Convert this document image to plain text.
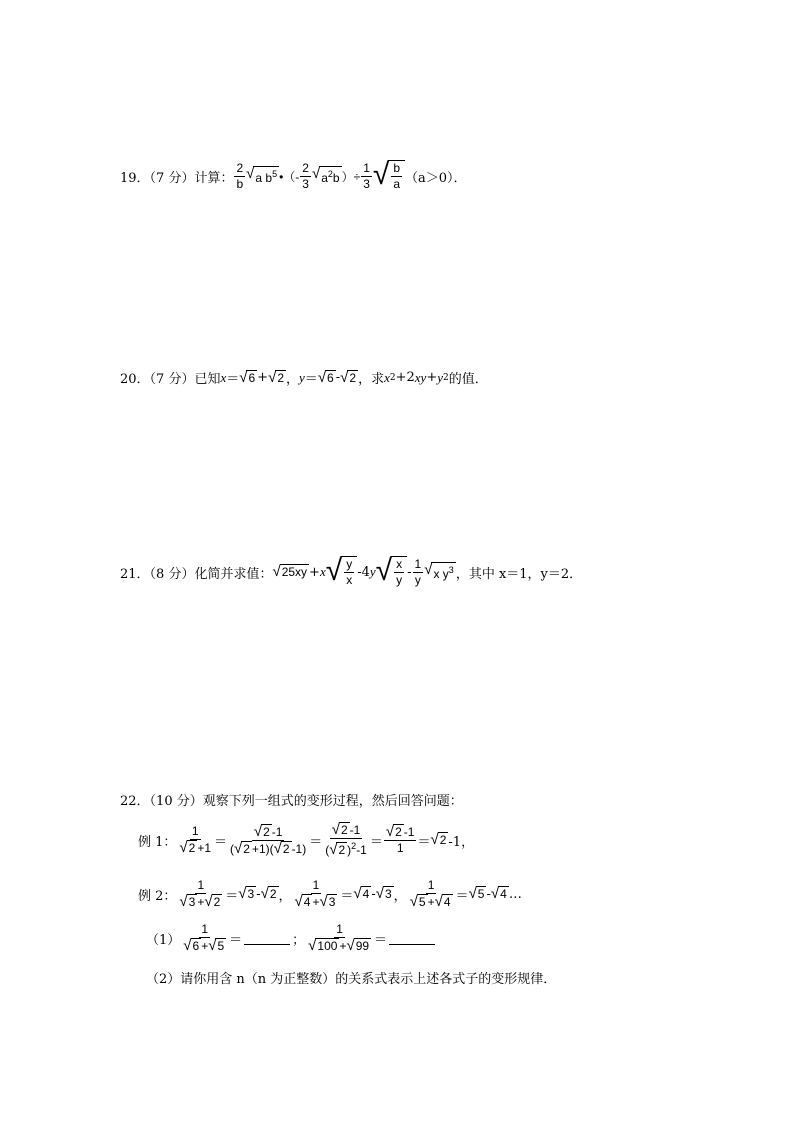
19．（7 分）计算： $\frac{2}{b}$ √ a $b^5$ •（- $\frac{2}{3}$ √ $a^2b$ ）÷ $\frac{1}{3}$ √ $\frac{b}{a} (a>0)$．
20．（7 分）已知 x ＝ √ 6 + √ 2 ， y ＝ √ 6 - √ 2 ，求 x 2 +2 xy + y 2 的值．
21．（8 分）化简并求值： √ 25xy + x √ $\frac{y}{x} -4$ y √ $\frac{x}{y} - \frac{1}{y}$ √ x $y^3$ ，其中 x＝1，y＝2．
22．（10 分）观察下列一组式的变形过程，然后回答问题：
例 1： $\frac{1}{√ 2 +1} = \frac{√ 2 -1}{( √ 2 +1)( √ 2 -1)} = \frac{√ 2 -1}{( √ 2 )^2-1} = \frac{√ 2 -1}{1}$ ＝ √ 2 -1，
例 2： $\frac{1}{√ 3 + √ 2}$ ＝ √ 3 - √ 2 ， $\frac{1}{√ 4 + √ 3}$ ＝ √ 4 - √ 3 ， $\frac{1}{√ 5 + √ 4}$ ＝ √ 5 - √ 4 …
$(1) \frac{1}{√ 6 + √ 5}$ ＝	； $\frac{1}{√ 100 + √ 99}$ ＝
（2）请你用含 n（n 为正整数）的关系式表示上述各式子的变形规律．
